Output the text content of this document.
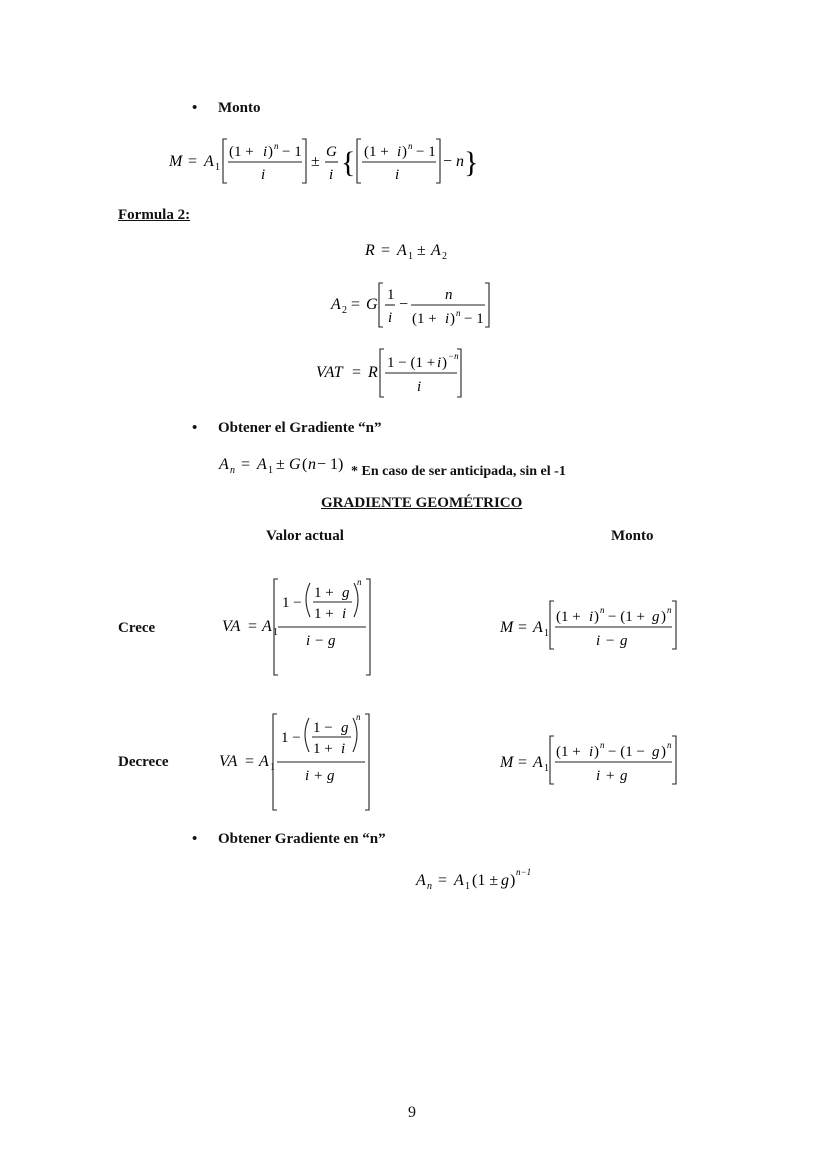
• Monto
M = A 1
(1 + i ) n − 1
i
±
G
i { (1 + i ) n − 1
i
− n }
Formula 2:
R = A 1 ± A 2
A 2 = G
1
i
−
n
(1 + i ) n − 1
VAT = R
1 − (1 + i ) −n
i
• Obtener el Gradiente “n”
A n = A 1 ± G ( n − 1) * En caso de ser anticipada, sin el -1
GRADIENTE GEOMÉTRICO
Valor actual	Monto
Crece	VA = A 1
1 −
1 + g
1 + i
n
i − g
M = A 1
(1 + i ) n − (1 + g ) n
i − g
Decrece	VA = A 1
1 −
1 − g
1 + i
n
i + g
M = A 1
(1 + i ) n − (1 − g ) n
i + g
• Obtener Gradiente en “n”
A n = A 1 (1 ± g ) n−1
9
